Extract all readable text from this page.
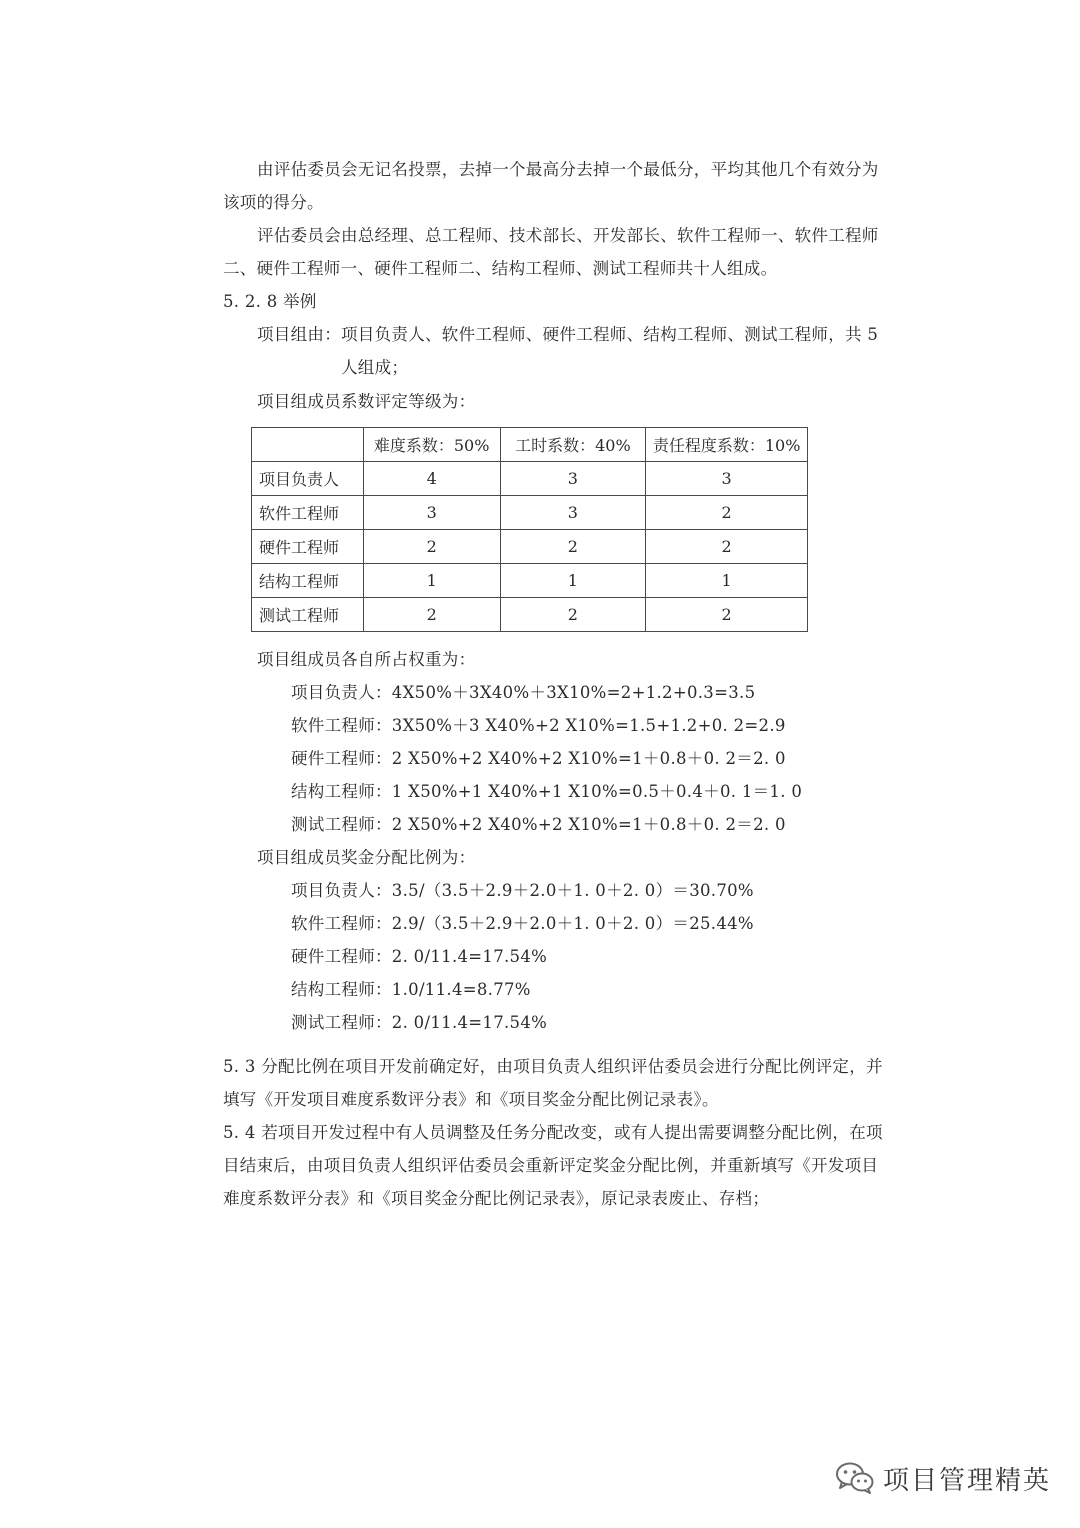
由评估委员会无记名投票，去掉一个最高分去掉一个最低分，平均其他几个有效分为
该项的得分。
评估委员会由总经理、总工程师、技术部长、开发部长、软件工程师一、软件工程师
二、硬件工程师一、硬件工程师二、结构工程师、测试工程师共十人组成。
5. 2. 8 举例
项目组由：项目负责人、软件工程师、硬件工程师、结构工程师、测试工程师，共 5
人组成；
项目组成员系数评定等级为：
	难度系数：50%	工时系数：40%	责任程度系数：10%
项目负责人	4	3	3
软件工程师	3	3	2
硬件工程师	2	2	2
结构工程师	1	1	1
测试工程师	2	2	2
项目组成员各自所占权重为：
项目负责人：4X50%＋3X40%＋3X10%=2+1.2+0.3=3.5
软件工程师：3X50%＋3 X40%+2 X10%=1.5+1.2+0. 2=2.9
硬件工程师：2 X50%+2 X40%+2 X10%=1＋0.8＋0. 2＝2. 0
结构工程师：1 X50%+1 X40%+1 X10%=0.5＋0.4＋0. 1＝1. 0
测试工程师：2 X50%+2 X40%+2 X10%=1＋0.8＋0. 2＝2. 0
项目组成员奖金分配比例为：
项目负责人：3.5/（3.5＋2.9＋2.0＋1. 0＋2. 0）＝30.70%
软件工程师：2.9/（3.5＋2.9＋2.0＋1. 0＋2. 0）＝25.44%
硬件工程师：2. 0/11.4=17.54%
结构工程师：1.0/11.4=8.77%
测试工程师：2. 0/11.4=17.54%
5. 3 分配比例在项目开发前确定好，由项目负责人组织评估委员会进行分配比例评定，并
填写《开发项目难度系数评分表》和《项目奖金分配比例记录表》。
5. 4 若项目开发过程中有人员调整及任务分配改变，或有人提出需要调整分配比例，在项
目结束后，由项目负责人组织评估委员会重新评定奖金分配比例，并重新填写《开发项目
难度系数评分表》和《项目奖金分配比例记录表》，原记录表废止、存档；
项目管理精英
